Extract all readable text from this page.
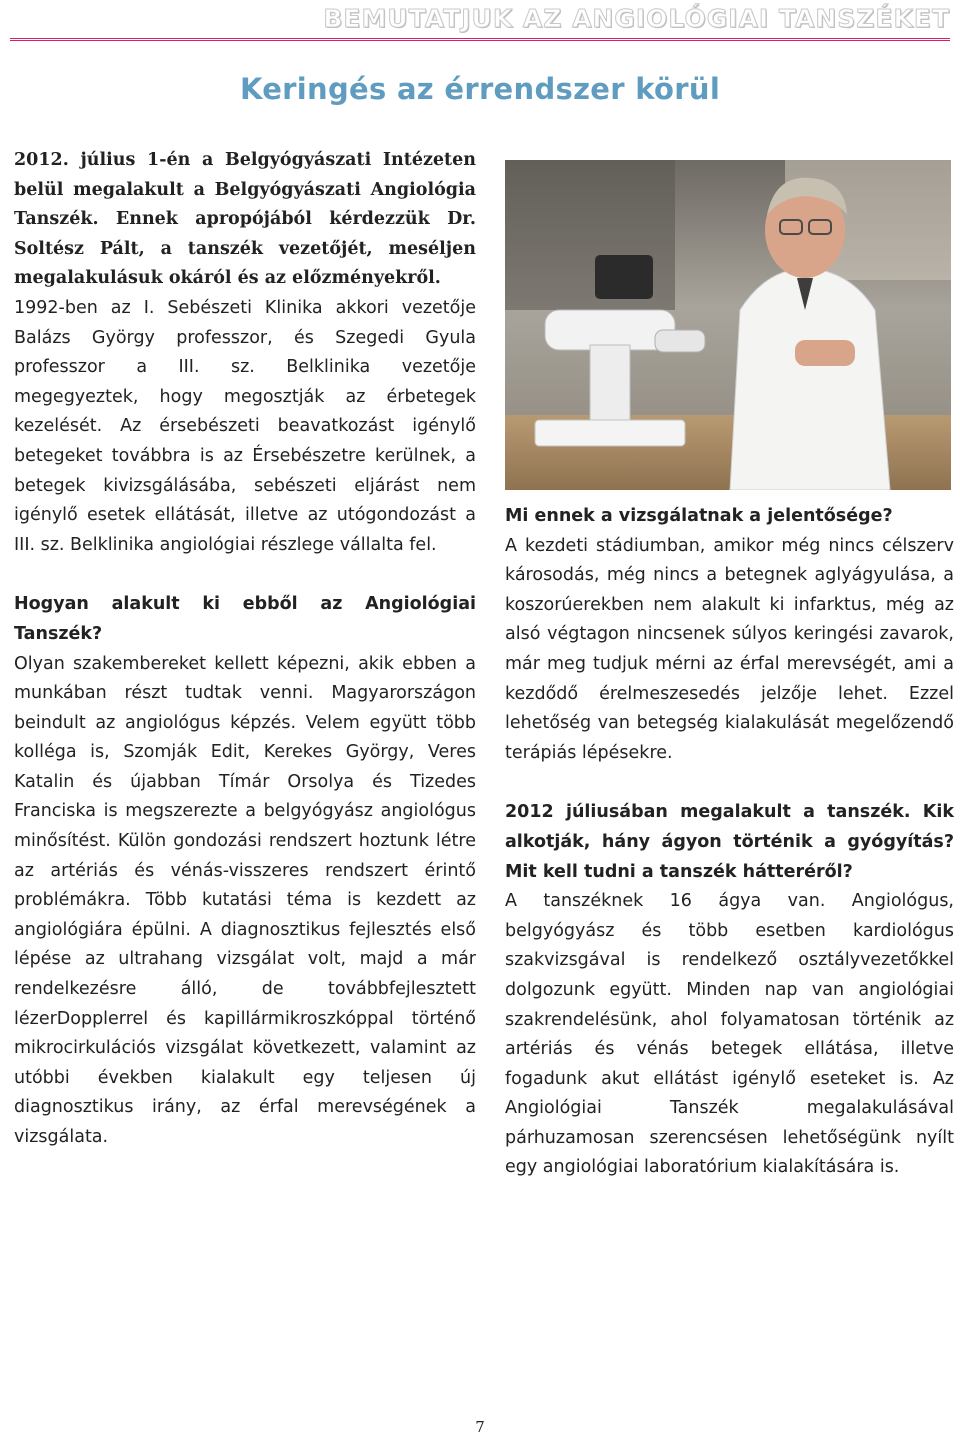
BEMUTATJUK AZ ANGIOLÓGIAI TANSZÉKET
Keringés az érrendszer körül

2012. július 1-én a Belgyógyászati Intézeten belül megalakult a Belgyógyászati Angiológia Tanszék. Ennek apropójából kérdezzük Dr. Soltész Pált, a tanszék vezetőjét, meséljen megalakulásuk okáról és az előzményekről.

1992-ben az I. Sebészeti Klinika akkori vezetője Balázs György professzor, és Szegedi Gyula professzor a III. sz. Belklinika vezetője megegyeztek, hogy megosztják az érbetegek kezelését. Az érsebészeti beavatkozást igénylő betegeket továbbra is az Érsebészetre kerülnek, a betegek kivizsgálásába, sebészeti eljárást nem igénylő esetek ellátását, illetve az utógondozást a III. sz. Belklinika angiológiai részlege vállalta fel.

Hogyan alakult ki ebből az Angiológiai Tanszék?

Olyan szakembereket kellett képezni, akik ebben a munkában részt tudtak venni. Magyarországon beindult az angiológus képzés. Velem együtt több kolléga is, Szomják Edit, Kerekes György, Veres Katalin és újabban Tímár Orsolya és Tizedes Franciska is megszerezte a belgyógyász angiológus minősítést. Külön gondozási rendszert hoztunk létre az artériás és vénás-visszeres rendszert érintő problémákra. Több kutatási téma is kezdett az angiológiára épülni. A diagnosztikus fejlesztés első lépése az ultrahang vizsgálat volt, majd a már rendelkezésre álló, de továbbfejlesztett lézerDopplerrel és kapillármikroszkóppal történő mikrocirkulációs vizsgálat következett, valamint az utóbbi években kialakult egy teljesen új diagnosztikus irány, az érfal merevségének a vizsgálata.

Mi ennek a vizsgálatnak a jelentősége?

A kezdeti stádiumban, amikor még nincs célszerv károsodás, még nincs a betegnek aglyágyulása, a koszorúerekben nem alakult ki infarktus, még az alsó végtagon nincsenek súlyos keringési zavarok, már meg tudjuk mérni az érfal merevségét, ami a kezdődő érelmeszesedés jelzője lehet. Ezzel lehetőség van betegség kialakulását megelőzendő terápiás lépésekre.

2012 júliusában megalakult a tanszék. Kik alkotják, hány ágyon történik a gyógyítás? Mit kell tudni a tanszék hátteréről?

A tanszéknek 16 ágya van. Angiológus, belgyógyász és több esetben kardiológus szakvizsgával is rendelkező osztályvezetőkkel dolgozunk együtt. Minden nap van angiológiai szakrendelésünk, ahol folyamatosan történik az artériás és vénás betegek ellátása, illetve fogadunk akut ellátást igénylő eseteket is. Az Angiológiai Tanszék megalakulásával párhuzamosan szerencsésen lehetőségünk nyílt egy angiológiai laboratórium kialakítására is.

7
